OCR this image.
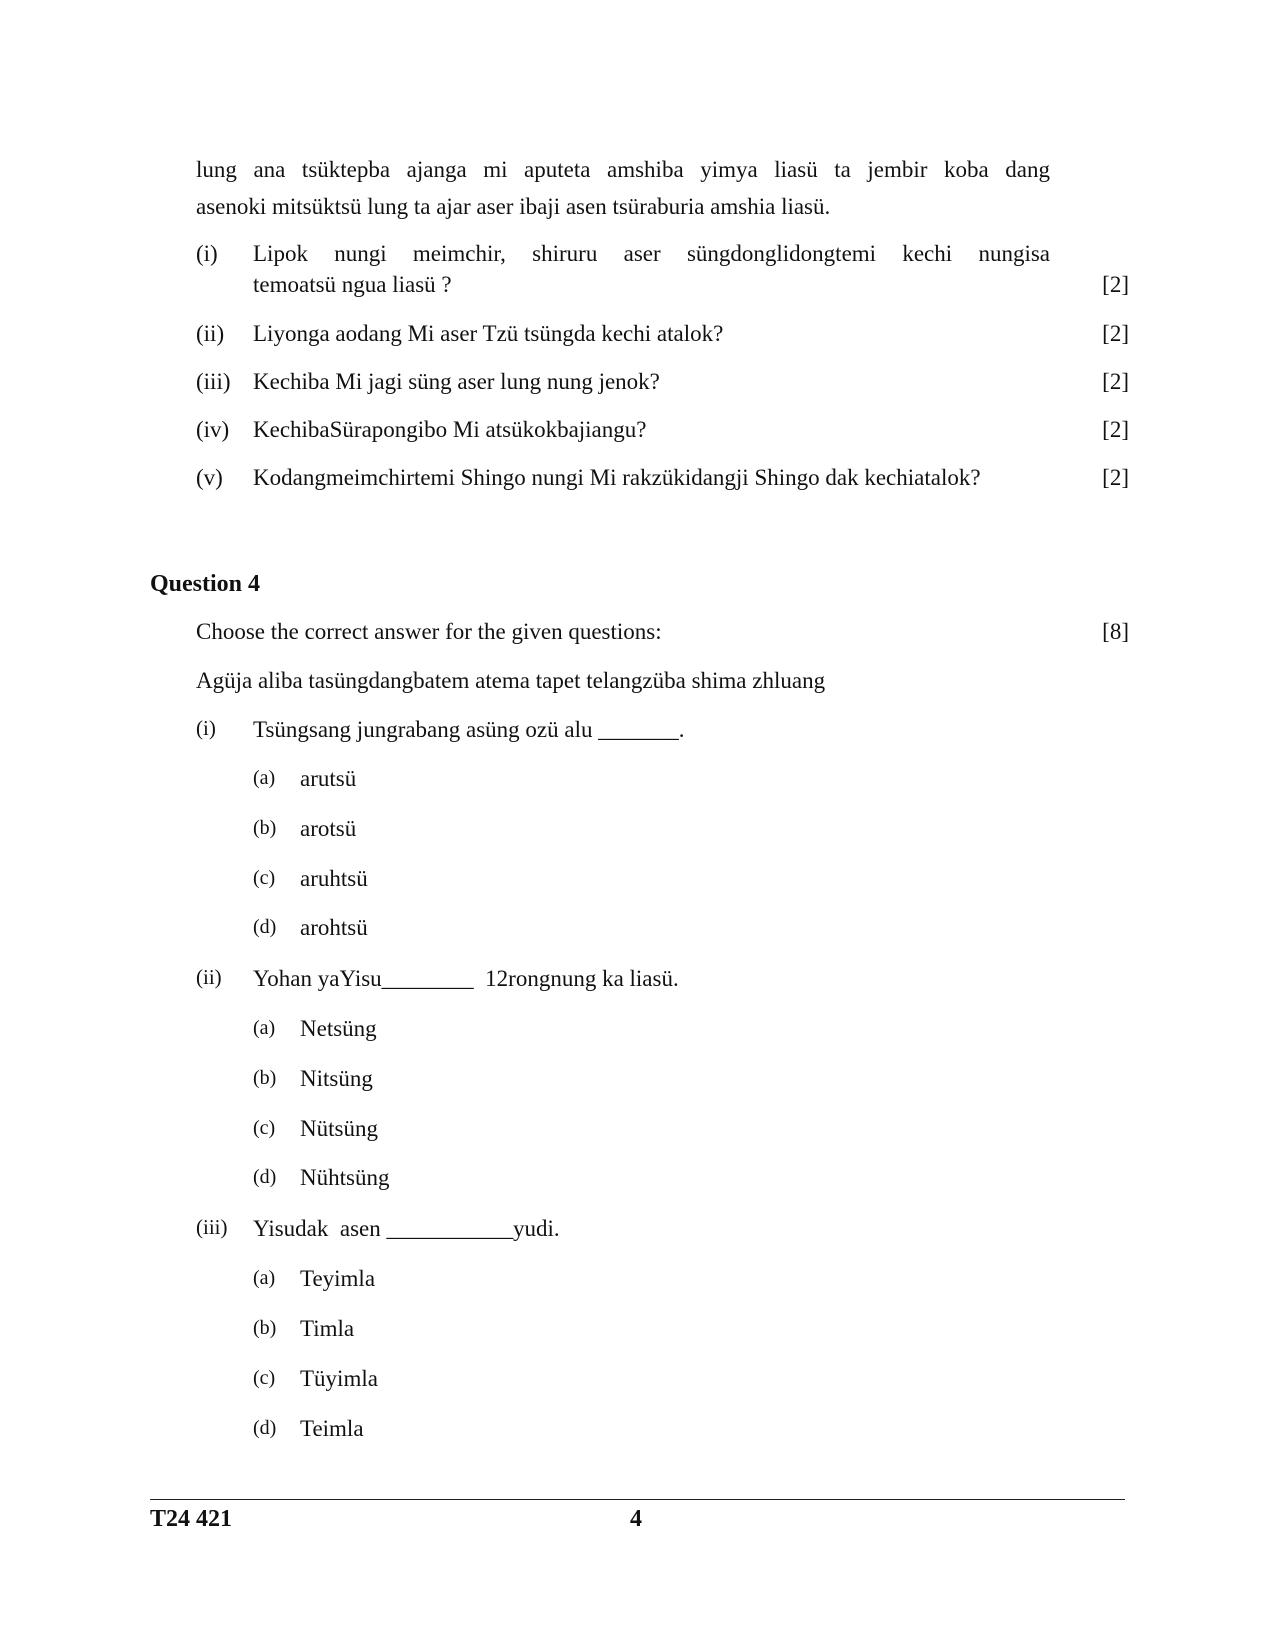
lung ana tsüktepba ajanga mi aputeta amshiba yimya liasü ta jembir koba dang
asenoki mitsüktsü lung ta ajar aser ibaji asen tsüraburia amshia liasü.
(i) Lipok nungi meimchir, shiruru aser süngdonglidongtemi kechi nungisa
temoatsü ngua liasü ?	[2]
(ii) Liyonga aodang Mi aser Tzü tsüngda kechi atalok?	[2]
(iii) Kechiba Mi jagi süng aser lung nung jenok?	[2]
(iv) KechibaSürapongibo Mi atsükokbajiangu?	[2]
(v) Kodangmeimchirtemi Shingo nungi Mi rakzükidangji Shingo dak kechiatalok?	[2]
Question 4
Choose the correct answer for the given questions:	[8]
Agüja aliba tasüngdangbatem atema tapet telangzüba shima zhluang
(i) Tsüngsang jungrabang asüng ozü alu _______.
(a) arutsü
(b) arotsü
(c) aruhtsü
(d) arohtsü
(ii) Yohan yaYisu________  12rongnung ka liasü.
(a) Netsüng
(b) Nitsüng
(c) Nütsüng
(d) Nühtsüng
(iii) Yisudak  asen ___________yudi.
(a) Teyimla
(b) Timla
(c) Tüyimla
(d) Teimla
T24 421	4
